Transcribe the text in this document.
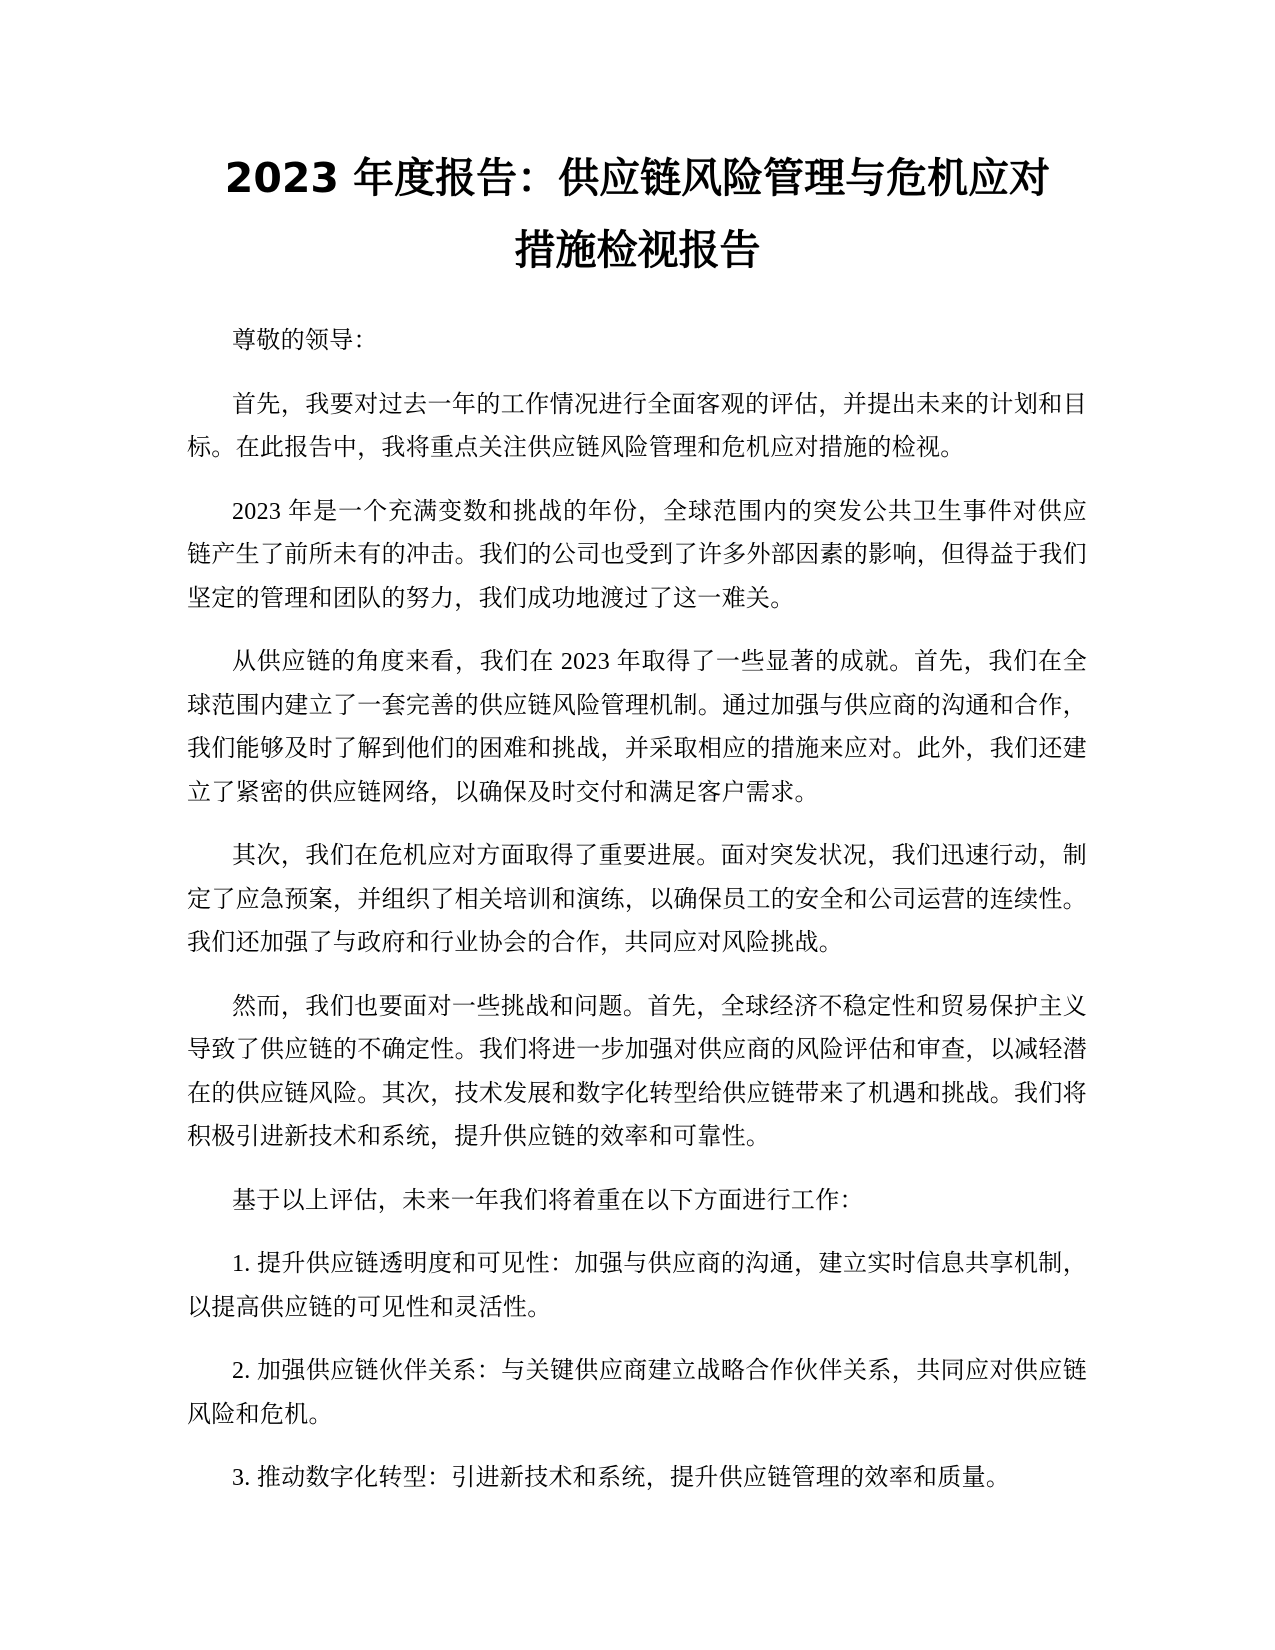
2023 年度报告：供应链风险管理与危机应对
措施检视报告

尊敬的领导：

首先，我要对过去一年的工作情况进行全面客观的评估，并提出未来的计划和目标。在此报告中，我将重点关注供应链风险管理和危机应对措施的检视。

2023 年是一个充满变数和挑战的年份，全球范围内的突发公共卫生事件对供应链产生了前所未有的冲击。我们的公司也受到了许多外部因素的影响，但得益于我们坚定的管理和团队的努力，我们成功地渡过了这一难关。

从供应链的角度来看，我们在 2023 年取得了一些显著的成就。首先，我们在全球范围内建立了一套完善的供应链风险管理机制。通过加强与供应商的沟通和合作，我们能够及时了解到他们的困难和挑战，并采取相应的措施来应对。此外，我们还建立了紧密的供应链网络，以确保及时交付和满足客户需求。

其次，我们在危机应对方面取得了重要进展。面对突发状况，我们迅速行动，制定了应急预案，并组织了相关培训和演练，以确保员工的安全和公司运营的连续性。我们还加强了与政府和行业协会的合作，共同应对风险挑战。

然而，我们也要面对一些挑战和问题。首先，全球经济不稳定性和贸易保护主义导致了供应链的不确定性。我们将进一步加强对供应商的风险评估和审查，以减轻潜在的供应链风险。其次，技术发展和数字化转型给供应链带来了机遇和挑战。我们将积极引进新技术和系统，提升供应链的效率和可靠性。

基于以上评估，未来一年我们将着重在以下方面进行工作：

1. 提升供应链透明度和可见性：加强与供应商的沟通，建立实时信息共享机制，以提高供应链的可见性和灵活性。

2. 加强供应链伙伴关系：与关键供应商建立战略合作伙伴关系，共同应对供应链风险和危机。

3. 推动数字化转型：引进新技术和系统，提升供应链管理的效率和质量。
